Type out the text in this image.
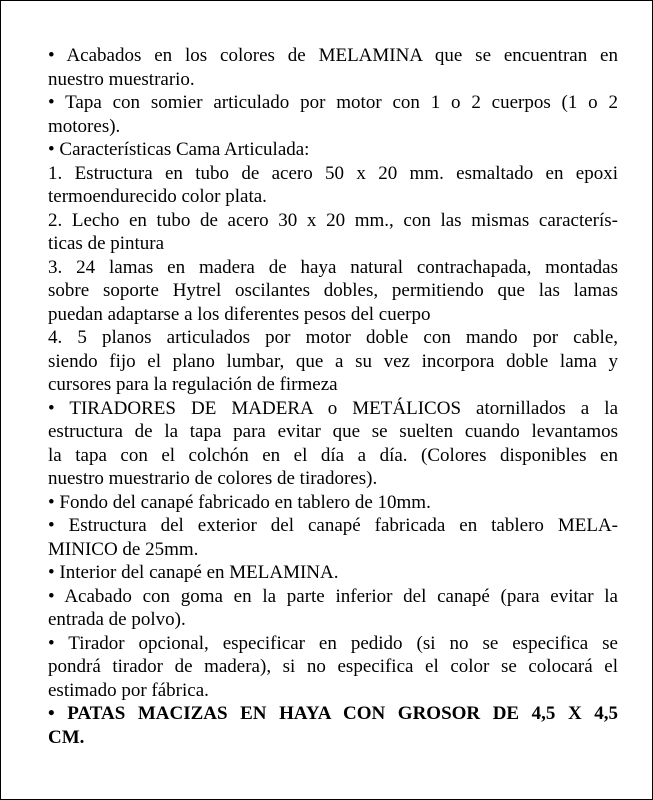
• Acabados en los colores de MELAMINA que se encuentran en
nuestro muestrario.
• Tapa con somier articulado por motor con 1 o 2 cuerpos (1 o 2
motores).
• Características Cama Articulada:
1. Estructura en tubo de acero 50 x 20 mm. esmaltado en epoxi
termoendurecido color plata.
2. Lecho en tubo de acero 30 x 20 mm., con las mismas caracterís-
ticas de pintura
3. 24 lamas en madera de haya natural contrachapada, montadas
sobre soporte Hytrel oscilantes dobles, permitiendo que las lamas
puedan adaptarse a los diferentes pesos del cuerpo
4. 5 planos articulados por motor doble con mando por cable,
siendo fijo el plano lumbar, que a su vez incorpora doble lama y
cursores para la regulación de firmeza
• TIRADORES DE MADERA o METÁLICOS atornillados a la
estructura de la tapa para evitar que se suelten cuando levantamos
la tapa con el colchón en el día a día. (Colores disponibles en
nuestro muestrario de colores de tiradores).
• Fondo del canapé fabricado en tablero de 10mm.
• Estructura del exterior del canapé fabricada en tablero MELA-
MINICO de 25mm.
• Interior del canapé en MELAMINA.
• Acabado con goma en la parte inferior del canapé (para evitar la
entrada de polvo).
• Tirador opcional, especificar en pedido (si no se especifica se
pondrá tirador de madera), si no especifica el color se colocará el
estimado por fábrica.
• PATAS MACIZAS EN HAYA CON GROSOR DE 4,5 X 4,5
CM.
